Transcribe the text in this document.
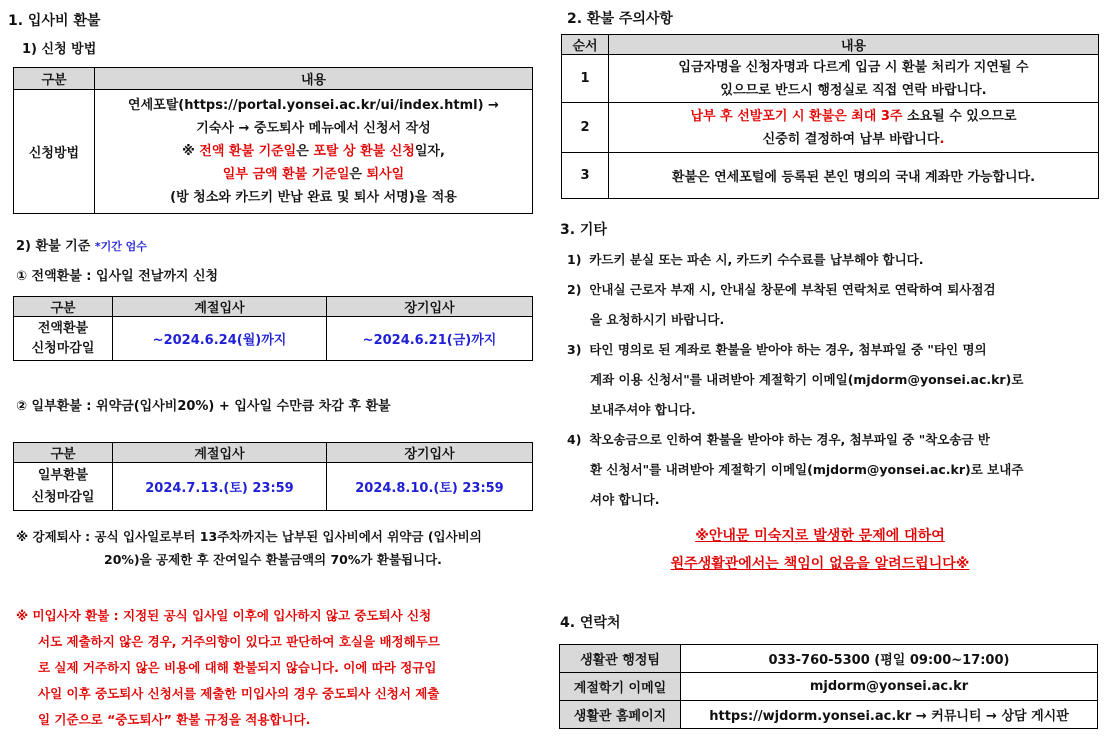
1. 입사비 환불
1) 신청 방법
구분	내용
신청방법	연세포탈(https://portal.yonsei.ac.kr/ui/index.html) →
기숙사 → 중도퇴사 메뉴에서 신청서 작성
※ 전액 환불 기준일은 포탈 상 환불 신청일자,
일부 금액 환불 기준일은 퇴사일
(방 청소와 카드키 반납 완료 및 퇴사 서명)을 적용
2) 환불 기준 *기간 엄수
① 전액환불 : 입사일 전날까지 신청
구분	계절입사	장기입사

전액환불
신청마감일	~2024.6.24(월)까지	~2024.6.21(금)까지
② 일부환불 : 위약금(입사비20%) + 입사일 수만큼 차감 후 환불
구분	계절입사	장기입사

일부환불
신청마감일	2024.7.13.(토) 23:59	2024.8.10.(토) 23:59
※ 강제퇴사 : 공식 입사일로부터 13주차까지는 납부된 입사비에서 위약금 (입사비의
20%)을 공제한 후 잔여일수 환불금액의 70%가 환불됩니다.
※ 미입사자 환불 : 지정된 공식 입사일 이후에 입사하지 않고 중도퇴사 신청
서도 제출하지 않은 경우, 거주의향이 있다고 판단하여 호실을 배정해두므
로 실제 거주하지 않은 비용에 대해 환불되지 않습니다. 이에 따라 정규입
사일 이후 중도퇴사 신청서를 제출한 미입사의 경우 중도퇴사 신청서 제출
일 기준으로 “중도퇴사” 환불 규정을 적용합니다.
2. 환불 주의사항
순서	내용
1	입금자명을 신청자명과 다르게 입금 시 환불 처리가 지연될 수
있으므로 반드시 행정실로 직접 연락 바랍니다.

2	납부 후 선발포기 시 환불은 최대 3주 소요될 수 있으므로
신중히 결정하여 납부 바랍니다.

3	환불은 연세포털에 등록된 본인 명의의 국내 계좌만 가능합니다.
3. 기타
1) 카드키 분실 또는 파손 시, 카드키 수수료를 납부해야 합니다.
2) 안내실 근로자 부재 시, 안내실 창문에 부착된 연락처로 연락하여 퇴사점검
을 요청하시기 바랍니다.
3) 타인 명의로 된 계좌로 환불을 받아야 하는 경우, 첨부파일 중 "타인 명의
계좌 이용 신청서"를 내려받아 계절학기 이메일(mjdorm@yonsei.ac.kr)로
보내주셔야 합니다.
4) 착오송금으로 인하여 환불을 받아야 하는 경우, 첨부파일 중 "착오송금 반
환 신청서"를 내려받아 계절학기 이메일(mjdorm@yonsei.ac.kr)로 보내주
셔야 합니다.
※안내문 미숙지로 발생한 문제에 대하여
원주생활관에서는 책임이 없음을 알려드립니다※
4. 연락처
생활관 행정팀	033-760-5300 (평일 09:00~17:00)
계절학기 이메일	mjdorm@yonsei.ac.kr
생활관 홈페이지	https://wjdorm.yonsei.ac.kr → 커뮤니티 → 상담 게시판
